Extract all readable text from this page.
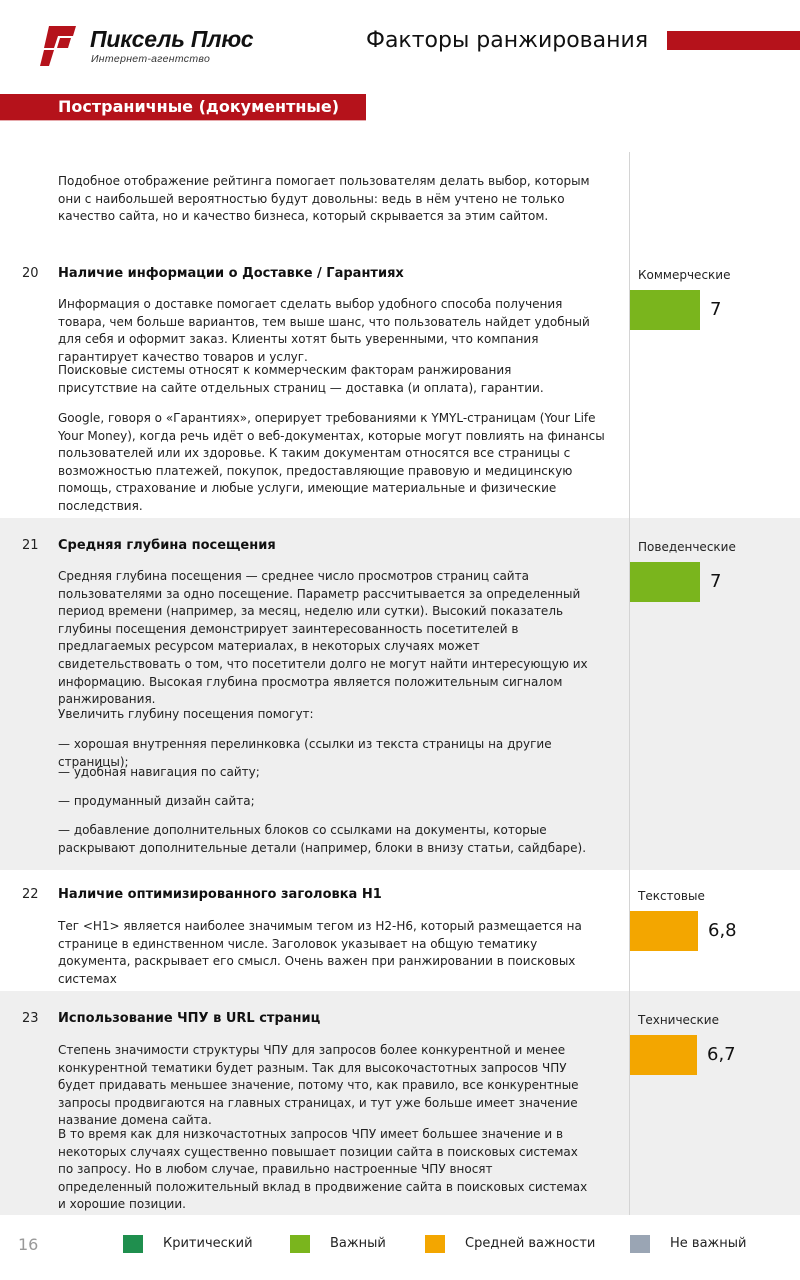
Пиксель Плюс
Интернет-агентство
Факторы ранжирования
Постраничные (документные)
Подобное отображение рейтинга помогает пользователям делать выбор, которым они с наибольшей вероятностью будут довольны: ведь в нём учтено не только качество сайта, но и качество бизнеса, который скрывается за этим сайтом.
20 Наличие информации о Доставке / Гарантиях	Коммерческие
7
Информация о доставке помогает сделать выбор удобного способа получения товара, чем больше вариантов, тем выше шанс, что пользователь найдет удобный для себя и оформит заказ. Клиенты хотят быть уверенными, что компания гарантирует качество товаров и услуг.
Поисковые системы относят к коммерческим факторам ранжирования присутствие на сайте отдельных страниц — доставка (и оплата), гарантии.
Google, говоря о «Гарантиях», оперирует требованиями к YMYL-страницам (Your Life Your Money), когда речь идёт о веб-документах, которые могут повлиять на финансы пользователей или их здоровье. К таким документам относятся все страницы с возможностью платежей, покупок, предоставляющие правовую и медицинскую помощь, страхование и любые услуги, имеющие материальные и физические последствия.
21 Средняя глубина посещения	Поведенческие
7
Средняя глубина посещения — среднее число просмотров страниц сайта пользователями за одно посещение. Параметр рассчитывается за определенный период времени (например, за месяц, неделю или сутки). Высокий показатель глубины посещения демонстрирует заинтересованность посетителей в предлагаемых ресурсом материалах, в некоторых случаях может свидетельствовать о том, что посетители долго не могут найти интересующую их информацию. Высокая глубина просмотра является положительным сигналом ранжирования.
Увеличить глубину посещения помогут:
— хорошая внутренняя перелинковка (ссылки из текста страницы на другие страницы);
— удобная навигация по сайту;
— продуманный дизайн сайта;
— добавление дополнительных блоков со ссылками на документы, которые раскрывают дополнительные детали (например, блоки в внизу статьи, сайдбаре).
22 Наличие оптимизированного заголовка H1	Текстовые
6,8
Тег <H1> является наиболее значимым тегом из H2-H6, который размещается на странице в единственном числе. Заголовок указывает на общую тематику документа, раскрывает его смысл. Очень важен при ранжировании в поисковых системах
23 Использование ЧПУ в URL страниц	Технические
6,7
Степень значимости структуры ЧПУ для запросов более конкурентной и менее конкурентной тематики будет разным. Так для высокочастотных запросов ЧПУ будет придавать меньшее значение, потому что, как правило, все конкурентные запросы продвигаются на главных страницах, и тут уже больше имеет значение название домена сайта.
В то время как для низкочастотных запросов ЧПУ имеет большее значение и в некоторых случаях существенно повышает позиции сайта в поисковых системах по запросу. Но в любом случае, правильно настроенные ЧПУ вносят определенный положительный вклад в продвижение сайта в поисковых системах и хорошие позиции.
16	Критический	Важный	Средней важности	Не важный
